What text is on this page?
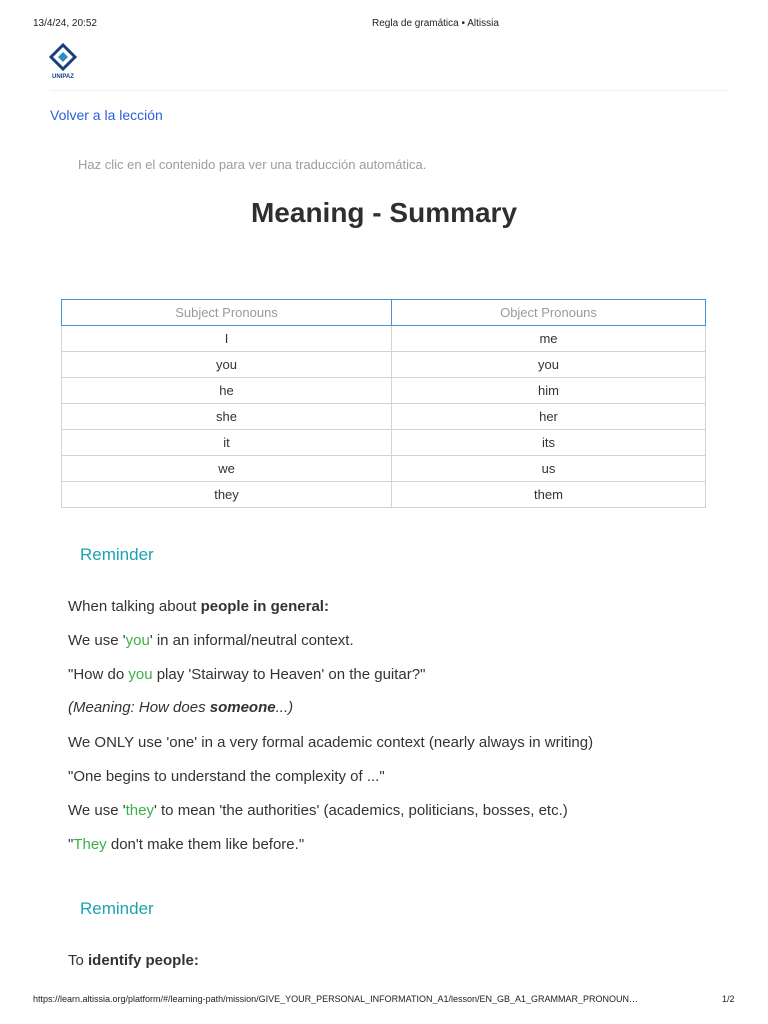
13/4/24, 20:52	Regla de gramática • Altissia
UNIPAZ
Volver a la lección
Haz clic en el contenido para ver una traducción automática.
Meaning - Summary
Subject Pronouns	Object Pronouns
I	me
you	you
he	him
she	her
it	its
we	us
they	them
Reminder

When talking about people in general:

We use 'you' in an informal/neutral context.

"How do you play 'Stairway to Heaven' on the guitar?"

(Meaning: How does someone...)

We ONLY use 'one' in a very formal academic context (nearly always in writing)

"One begins to understand the complexity of ..."

We use 'they' to mean 'the authorities' (academics, politicians, bosses, etc.)

"They don't make them like before."

Reminder

To identify people:

https://learn.altissia.org/platform/#/learning-path/mission/GIVE_YOUR_PERSONAL_INFORMATION_A1/lesson/EN_GB_A1_GRAMMAR_PRONOUN…	1/2
